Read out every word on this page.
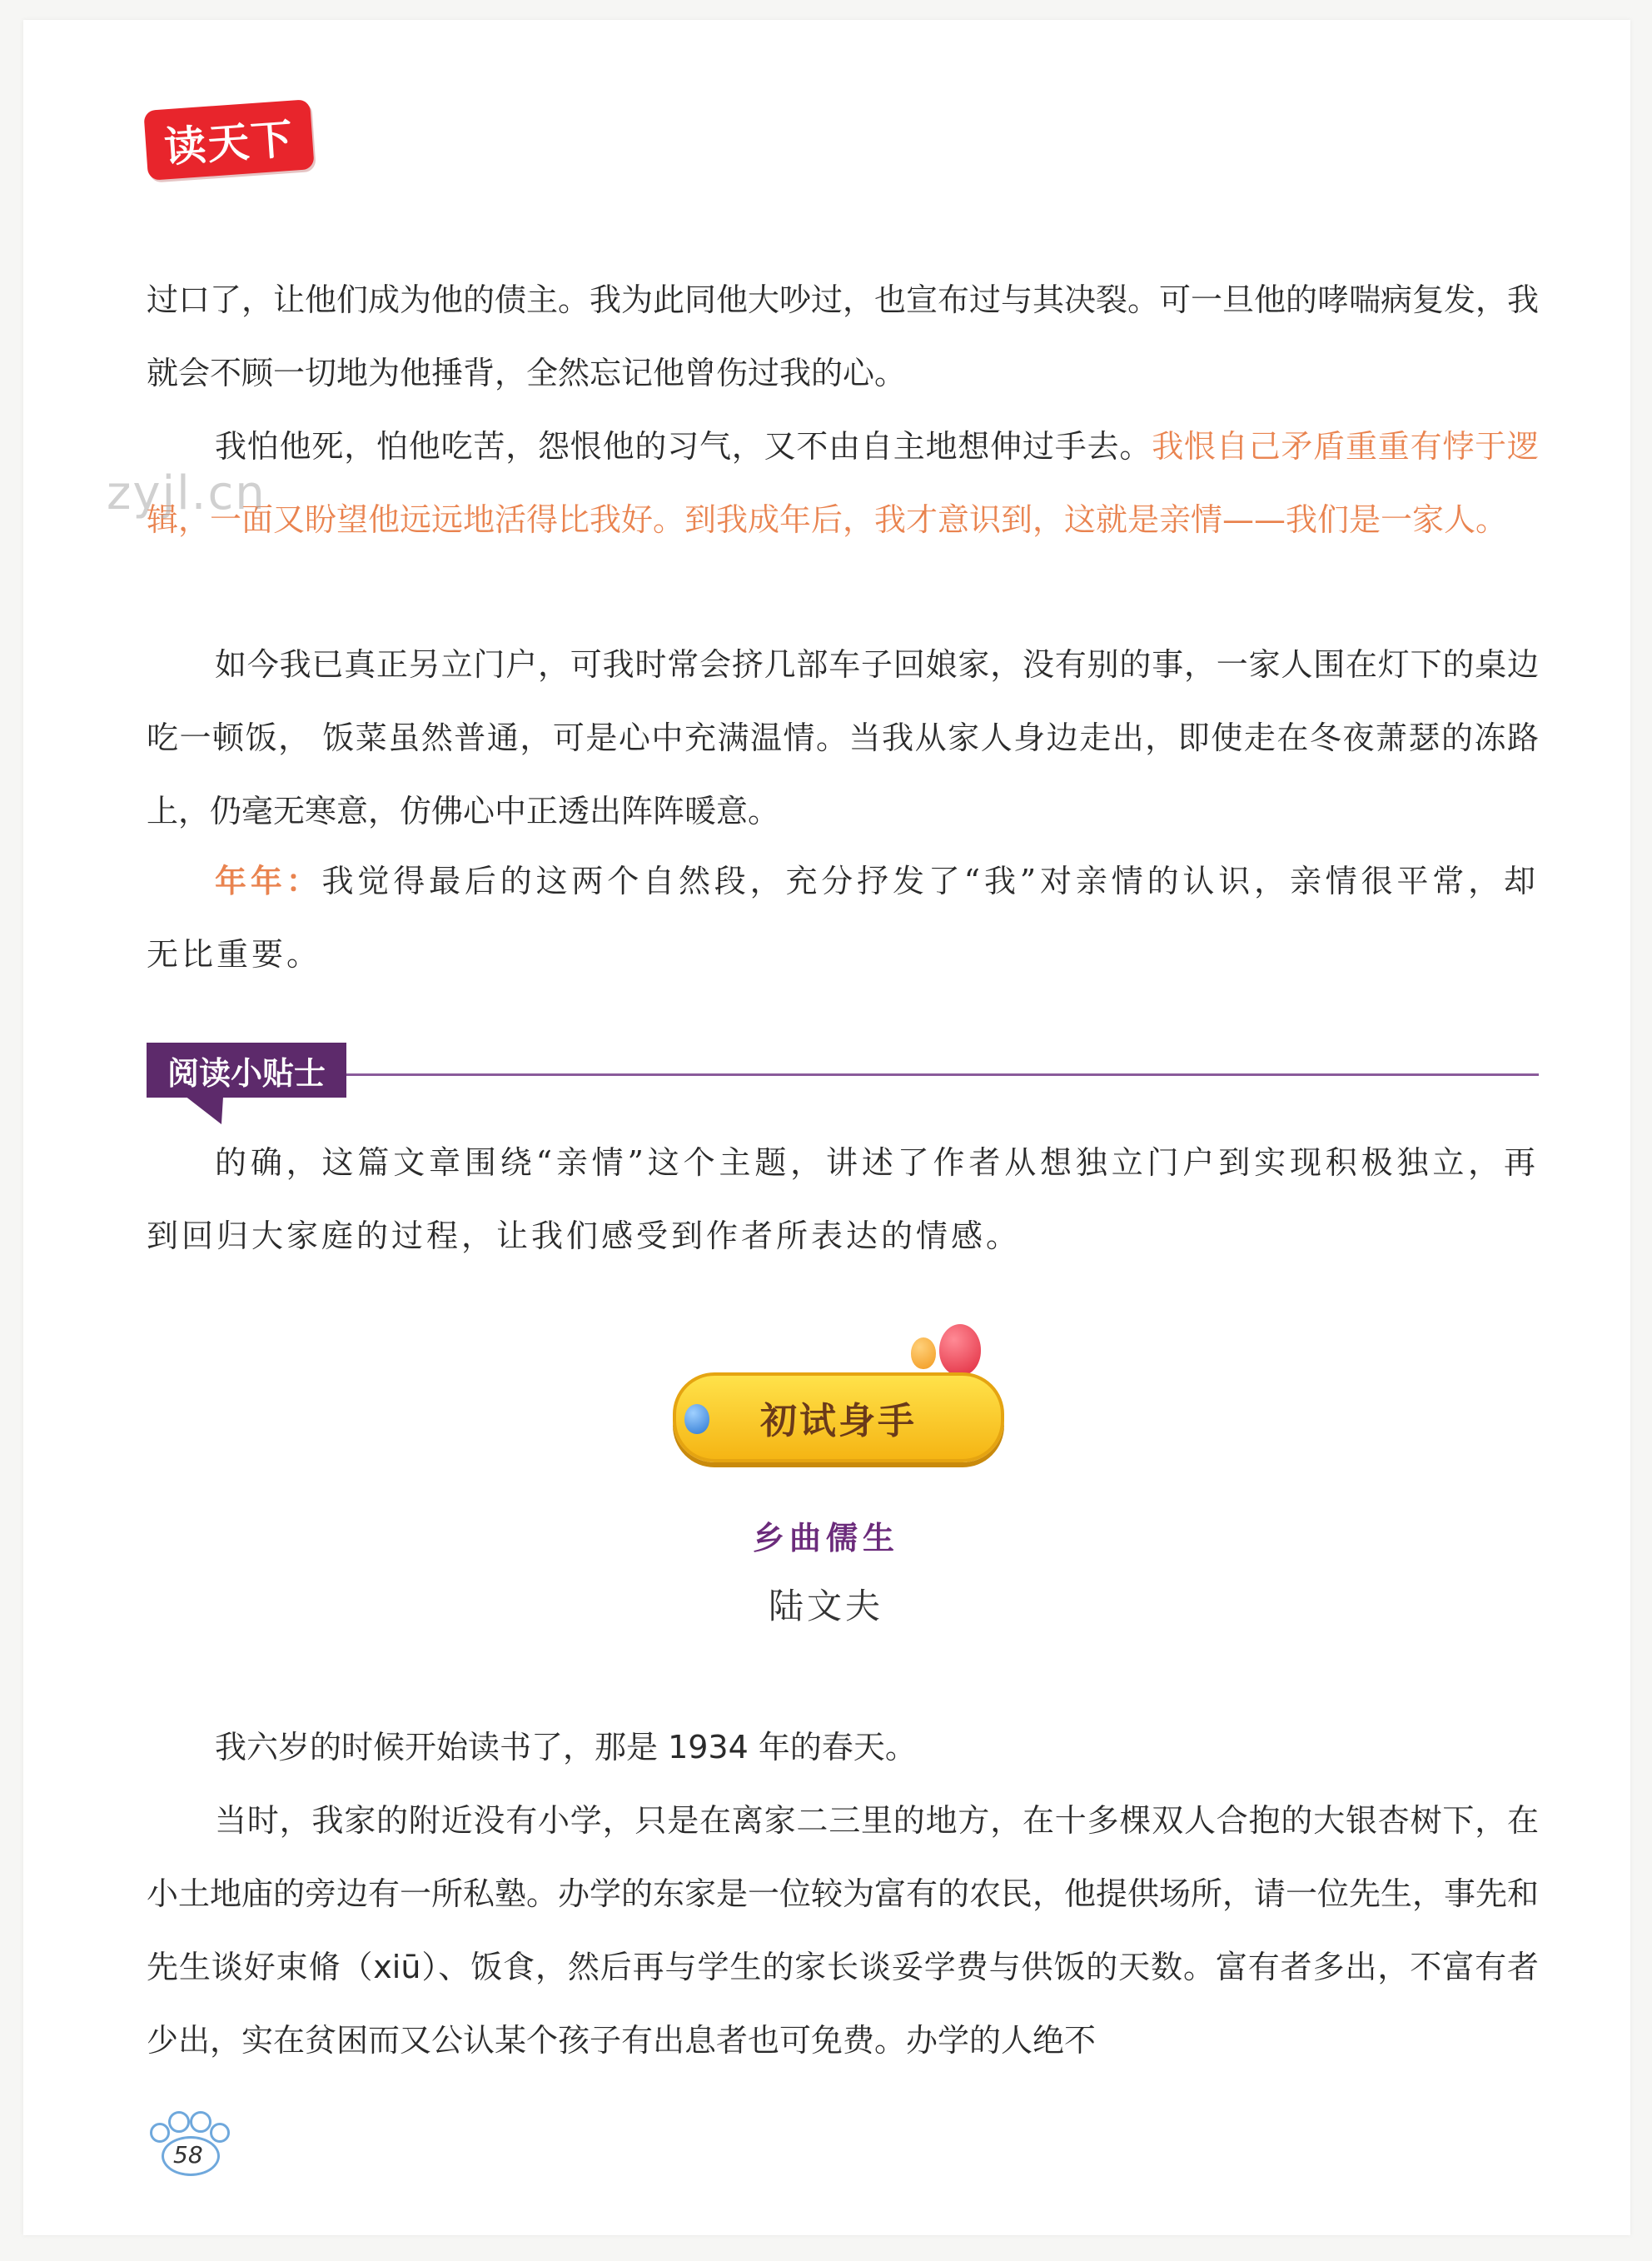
读天下

过口了，让他们成为他的债主。我为此同他大吵过，也宣布过与其决裂。可一旦他的哮喘病复发，我就会不顾一切地为他捶背，全然忘记他曾伤过我的心。

我怕他死，怕他吃苦，怨恨他的习气，又不由自主地想伸过手去。我恨自己矛盾重重有悖于逻辑，一面又盼望他远远地活得比我好。到我成年后，我才意识到，这就是亲情——我们是一家人。

zyjl.cn

如今我已真正另立门户，可我时常会挤几部车子回娘家，没有别的事，一家人围在灯下的桌边吃一顿饭， 饭菜虽然普通，可是心中充满温情。当我从家人身边走出，即使走在冬夜萧瑟的冻路上，仍毫无寒意，仿佛心中正透出阵阵暖意。

年年：我觉得最后的这两个自然段，充分抒发了“我”对亲情的认识，亲情很平常，却无比重要。

阅读小贴士

的确，这篇文章围绕“亲情”这个主题，讲述了作者从想独立门户到实现积极独立，再到回归大家庭的过程，让我们感受到作者所表达的情感。

初试身手

乡曲儒生

陆文夫

我六岁的时候开始读书了，那是 1934 年的春天。

当时，我家的附近没有小学，只是在离家二三里的地方，在十多棵双人合抱的大银杏树下，在小土地庙的旁边有一所私塾。办学的东家是一位较为富有的农民，他提供场所，请一位先生，事先和先生谈好束脩（xiū）、饭食，然后再与学生的家长谈妥学费与供饭的天数。富有者多出，不富有者少出，实在贫困而又公认某个孩子有出息者也可免费。办学的人绝不

58
